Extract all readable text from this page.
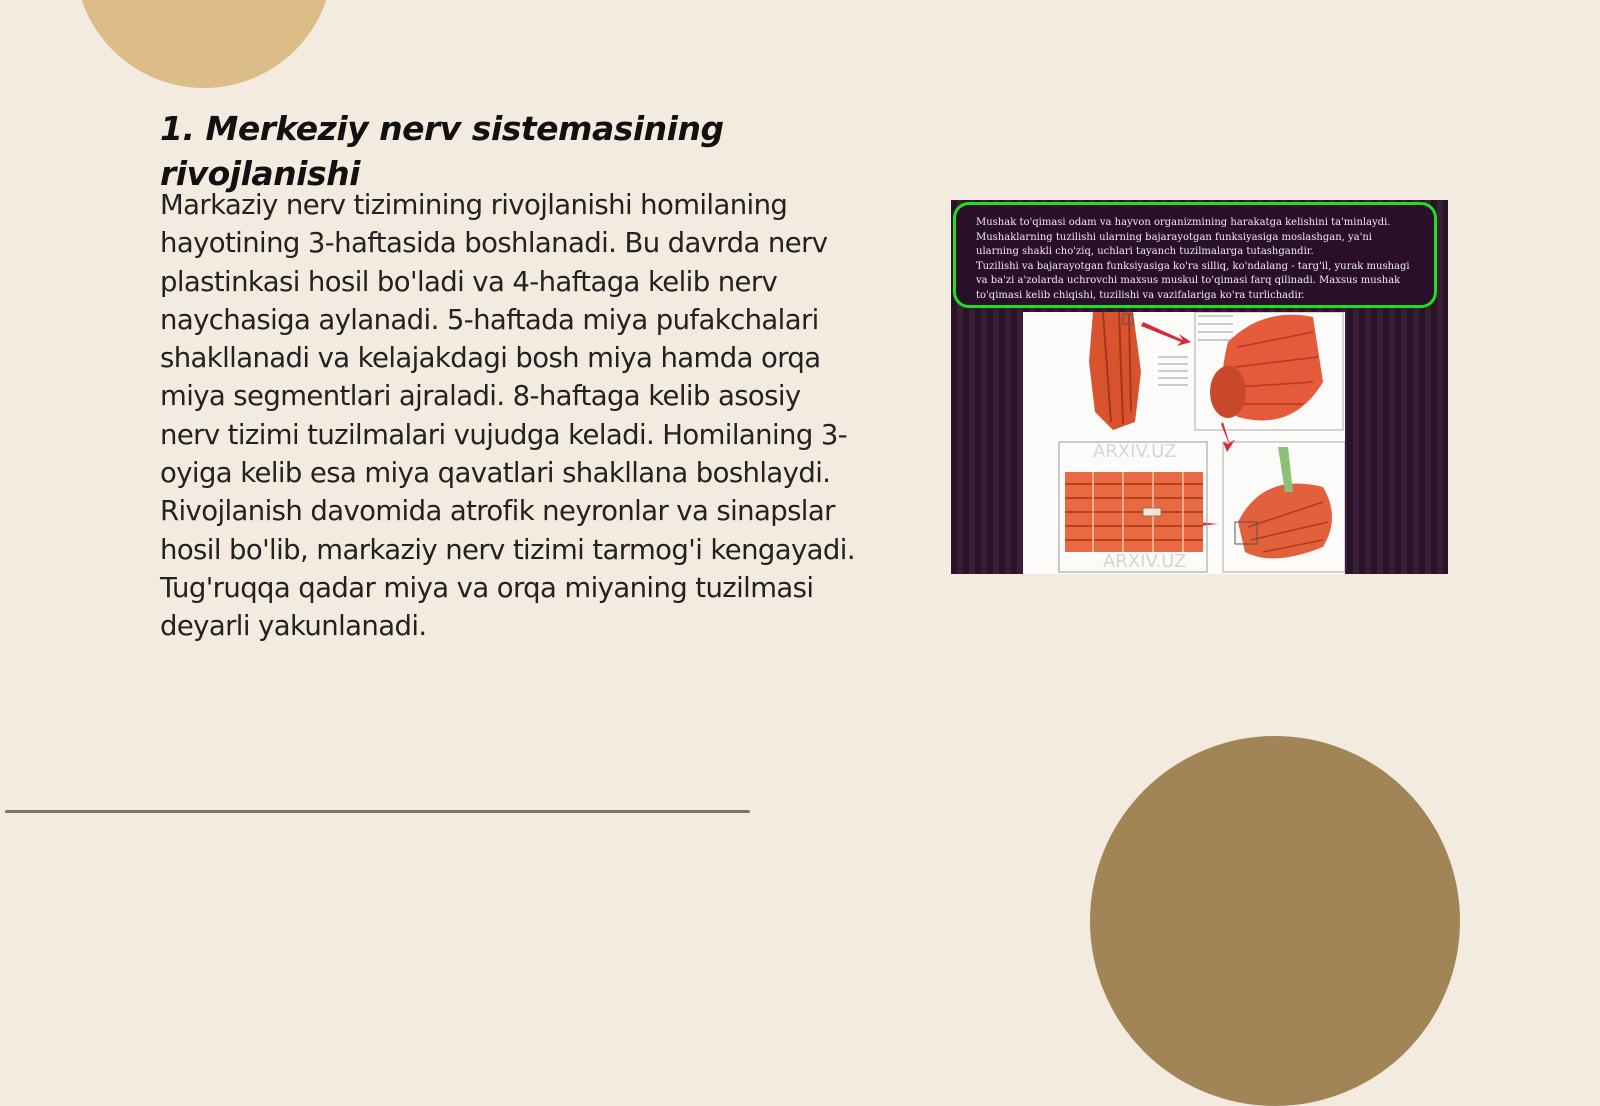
1. Merkeziy nerv sistemasining rivojlanishi

Markaziy nerv tizimining rivojlanishi homilaning hayotining 3-haftasida boshlanadi. Bu davrda nerv plastinkasi hosil bo'ladi va 4-haftaga kelib nerv naychasiga aylanadi. 5-haftada miya pufakchalari shakllanadi va kelajakdagi bosh miya hamda orqa miya segmentlari ajraladi. 8-haftaga kelib asosiy nerv tizimi tuzilmalari vujudga keladi. Homilaning 3-oyiga kelib esa miya qavatlari shakllana boshlaydi. Rivojlanish davomida atrofik neyronlar va sinapslar hosil bo'lib, markaziy nerv tizimi tarmog'i kengayadi. Tug'ruqqa qadar miya va orqa miyaning tuzilmasi deyarli yakunlanadi.

Mushak to'qimasi odam va hayvon organizmining harakatga kelishini ta'minlaydi.

Mushaklarning tuzilishi ularning bajarayotgan funksiyasiga moslashgan, ya'ni ularning shakli cho'ziq, uchlari tayanch tuzilmalarga tutashgandir.

Tuzilishi va bajarayotgan funksiyasiga ko'ra silliq, ko'ndalang - targ'il, yurak mushagi va ba'zi a'zolarda uchrovchi maxsus muskul to'qimasi farq qilinadi. Maxsus mushak to'qimasi kelib chiqishi, tuzilishi va vazifalariga ko'ra turlichadir.

ARXIV.UZ
ARXIV.UZ
